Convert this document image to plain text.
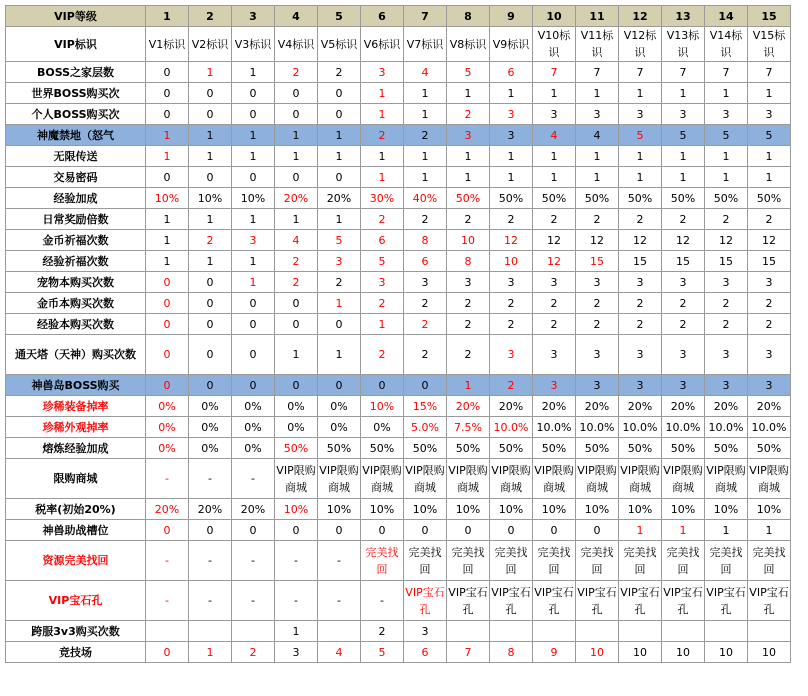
VIP等级	1	2	3	4	5	6	7	8	9	10	11	12	13	14	15
VIP标识	V1标识	V2标识	V3标识	V4标识	V5标识	V6标识	V7标识	V8标识	V9标识	V10标识	V11标识	V12标识	V13标识	V14标识	V15标识
BOSS之家层数	0	1	1	2	2	3	4	5	6	7	7	7	7	7	7
世界BOSS购买次	0	0	0	0	0	1	1	1	1	1	1	1	1	1	1
个人BOSS购买次	0	0	0	0	0	1	1	2	3	3	3	3	3	3	3
神魔禁地（怒气	1	1	1	1	1	2	2	3	3	4	4	5	5	5	5
无限传送	1	1	1	1	1	1	1	1	1	1	1	1	1	1	1
交易密码	0	0	0	0	0	1	1	1	1	1	1	1	1	1	1
经验加成	10%	10%	10%	20%	20%	30%	40%	50%	50%	50%	50%	50%	50%	50%	50%
日常奖励倍数	1	1	1	1	1	2	2	2	2	2	2	2	2	2	2
金币祈福次数	1	2	3	4	5	6	8	10	12	12	12	12	12	12	12
经验祈福次数	1	1	1	2	3	5	6	8	10	12	15	15	15	15	15
宠物本购买次数	0	0	1	2	2	3	3	3	3	3	3	3	3	3	3
金币本购买次数	0	0	0	0	1	2	2	2	2	2	2	2	2	2	2
经验本购买次数	0	0	0	0	0	1	2	2	2	2	2	2	2	2	2
通天塔（天神）购买次数	0	0	0	1	1	2	2	2	3	3	3	3	3	3	3
神兽岛BOSS购买	0	0	0	0	0	0	0	1	2	3	3	3	3	3	3
珍稀装备掉率	0%	0%	0%	0%	0%	10%	15%	20%	20%	20%	20%	20%	20%	20%	20%
珍稀外观掉率	0%	0%	0%	0%	0%	0%	5.0%	7.5%	10.0%	10.0%	10.0%	10.0%	10.0%	10.0%	10.0%
熔炼经验加成	0%	0%	0%	50%	50%	50%	50%	50%	50%	50%	50%	50%	50%	50%	50%
限购商城	-	-	-	VIP限购商城	VIP限购商城	VIP限购商城	VIP限购商城	VIP限购商城	VIP限购商城	VIP限购商城	VIP限购商城	VIP限购商城	VIP限购商城	VIP限购商城	VIP限购商城
税率(初始20%)	20%	20%	20%	10%	10%	10%	10%	10%	10%	10%	10%	10%	10%	10%	10%
神兽助战槽位	0	0	0	0	0	0	0	0	0	0	0	1	1	1	1
资源完美找回	-	-	-	-	-	完美找回	完美找回	完美找回	完美找回	完美找回	完美找回	完美找回	完美找回	完美找回	完美找回
VIP宝石孔	-	-	-	-	-	-	VIP宝石孔	VIP宝石孔	VIP宝石孔	VIP宝石孔	VIP宝石孔	VIP宝石孔	VIP宝石孔	VIP宝石孔	VIP宝石孔
跨服3v3购买次数				1		2	3								
竞技场	0	1	2	3	4	5	6	7	8	9	10	10	10	10	10
